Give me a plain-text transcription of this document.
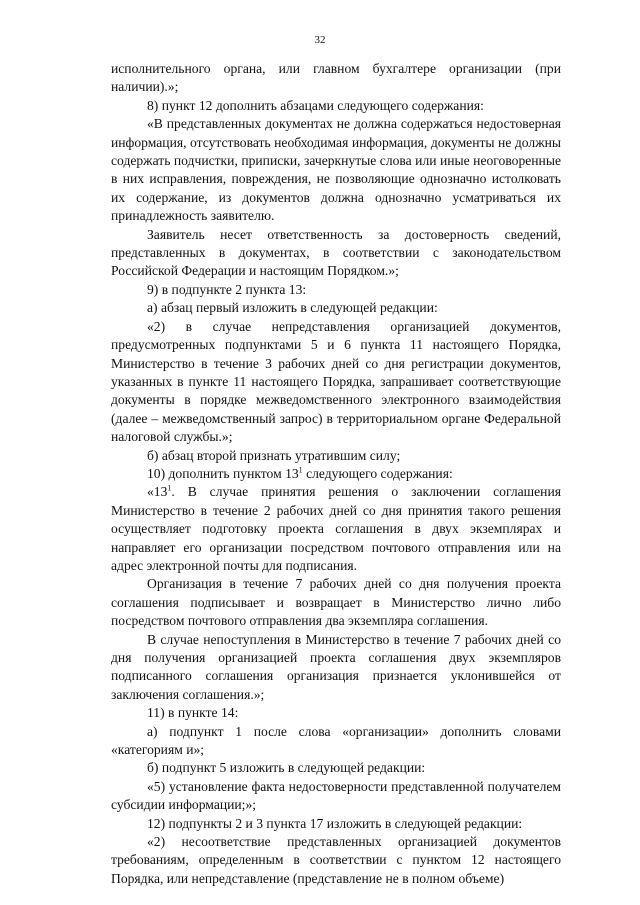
32

исполнительного органа, или главном бухгалтере организации (при наличии).»;

8) пункт 12 дополнить абзацами следующего содержания:

«В представленных документах не должна содержаться недостоверная информация, отсутствовать необходимая информация, документы не должны содержать подчистки, приписки, зачеркнутые слова или иные неоговоренные в них исправления, повреждения, не позволяющие однозначно истолковать их содержание, из документов должна однозначно усматриваться их принадлежность заявителю.

Заявитель несет ответственность за достоверность сведений, представленных в документах, в соответствии с законодательством Российской Федерации и настоящим Порядком.»;

9) в подпункте 2 пункта 13:

а) абзац первый изложить в следующей редакции:

«2) в случае непредставления организацией документов, предусмотренных подпунктами 5 и 6 пункта 11 настоящего Порядка, Министерство в течение 3 рабочих дней со дня регистрации документов, указанных в пункте 11 настоящего Порядка, запрашивает соответствующие документы в порядке межведомственного электронного взаимодействия (далее – межведомственный запрос) в территориальном органе Федеральной налоговой службы.»;

б) абзац второй признать утратившим силу;

10) дополнить пунктом $13^1$ следующего содержания:

«$13^1$. В случае принятия решения о заключении соглашения Министерство в течение 2 рабочих дней со дня принятия такого решения осуществляет подготовку проекта соглашения в двух экземплярах и направляет его организации посредством почтового отправления или на адрес электронной почты для подписания.

Организация в течение 7 рабочих дней со дня получения проекта соглашения подписывает и возвращает в Министерство лично либо посредством почтового отправления два экземпляра соглашения.

В случае непоступления в Министерство в течение 7 рабочих дней со дня получения организацией проекта соглашения двух экземпляров подписанного соглашения организация признается уклонившейся от заключения соглашения.»;

11) в пункте 14:

а) подпункт 1 после слова «организации» дополнить словами «категориям и»;

б) подпункт 5 изложить в следующей редакции:

«5) установление факта недостоверности представленной получателем субсидии информации;»;

12) подпункты 2 и 3 пункта 17 изложить в следующей редакции:

«2) несоответствие представленных организацией документов требованиям, определенным в соответствии с пунктом 12 настоящего Порядка, или непредставление (представление не в полном объеме)
